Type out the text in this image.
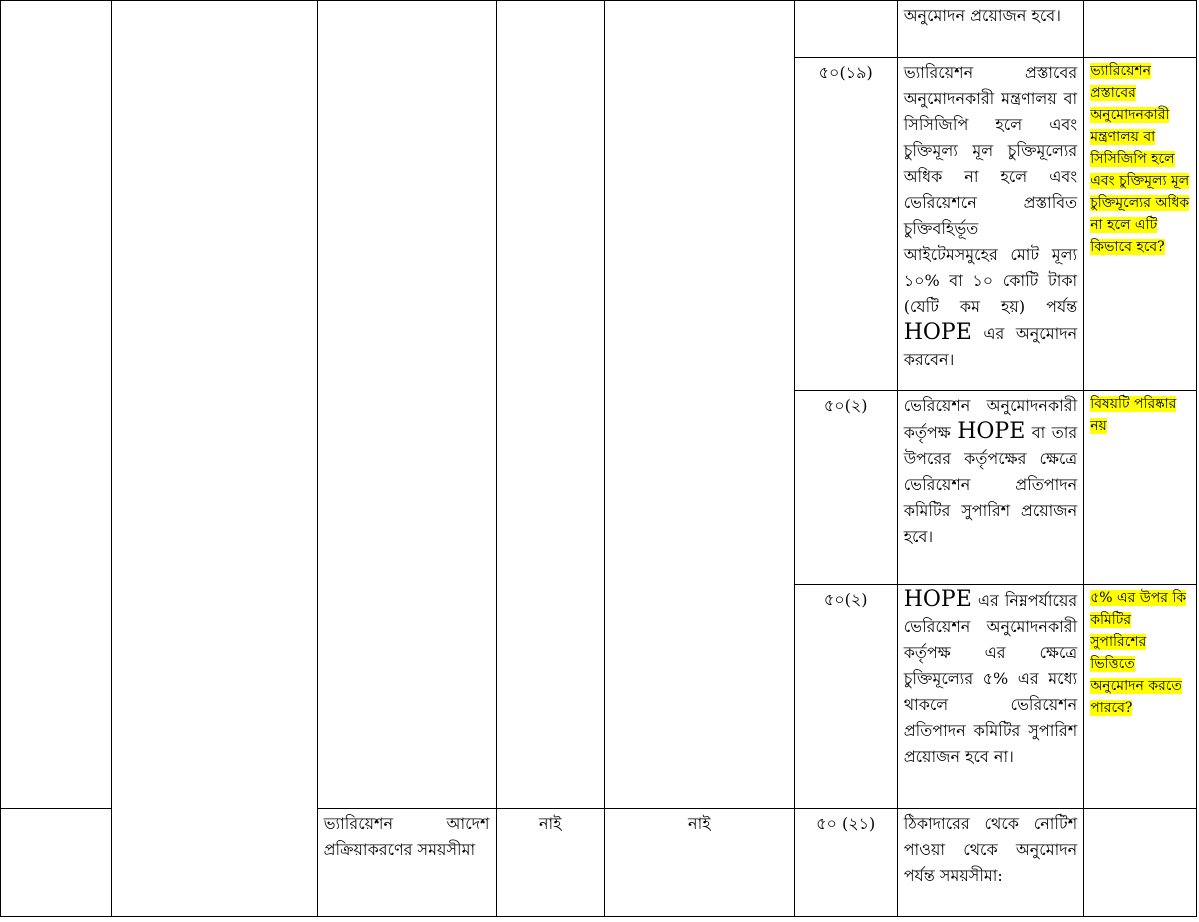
						অনুমোদন প্রয়োজন হবে।	
					৫০(১৯)	ভ্যারিয়েশন প্রস্তাবের অনুমোদনকারী মন্ত্রণালয় বা সিসিজিপি হলে এবং চুক্তিমূল্য মূল চুক্তিমূল্যের অধিক না হলে এবং ভেরিয়েশনে প্রস্তাবিত চুক্তিবহির্ভূত আইটেমসমুহের মোট মূল্য ১০% বা ১০ কোটি টাকা (যেটি কম হয়) পর্যন্ত HOPE এর অনুমোদন করবেন।	ভ্যারিয়েশন প্রস্তাবের অনুমোদনকারী মন্ত্রণালয় বা সিসিজিপি হলে এবং চুক্তিমূল্য মূল চুক্তিমূল্যের অধিক না হলে এটি কিভাবে হবে?
					৫০(২)	ভেরিয়েশন অনুমোদনকারী কর্তৃপক্ষ HOPE বা তার উপরের কর্তৃপক্ষের ক্ষেত্রে ভেরিয়েশন প্রতিপাদন কমিটির সুপারিশ প্রয়োজন হবে।	বিষয়টি পরিষ্কার নয়
					৫০(২)	HOPE এর নিম্নপর্যায়ের ভেরিয়েশন অনুমোদনকারী কর্তৃপক্ষ এর ক্ষেত্রে চুক্তিমূল্যের ৫% এর মধ্যে থাকলে ভেরিয়েশন প্রতিপাদন কমিটির সুপারিশ প্রয়োজন হবে না।	৫% এর উপর কি কমিটির সুপারিশের ভিত্তিতে অনুমোদন করতে পারবে?
		ভ্যারিয়েশন আদেশ প্রক্রিয়াকরণের সময়সীমা	নাই	নাই	৫০ (২১)	ঠিকাদারের থেকে নোটিশ পাওয়া থেকে অনুমোদন পর্যন্ত সময়সীমা:	
